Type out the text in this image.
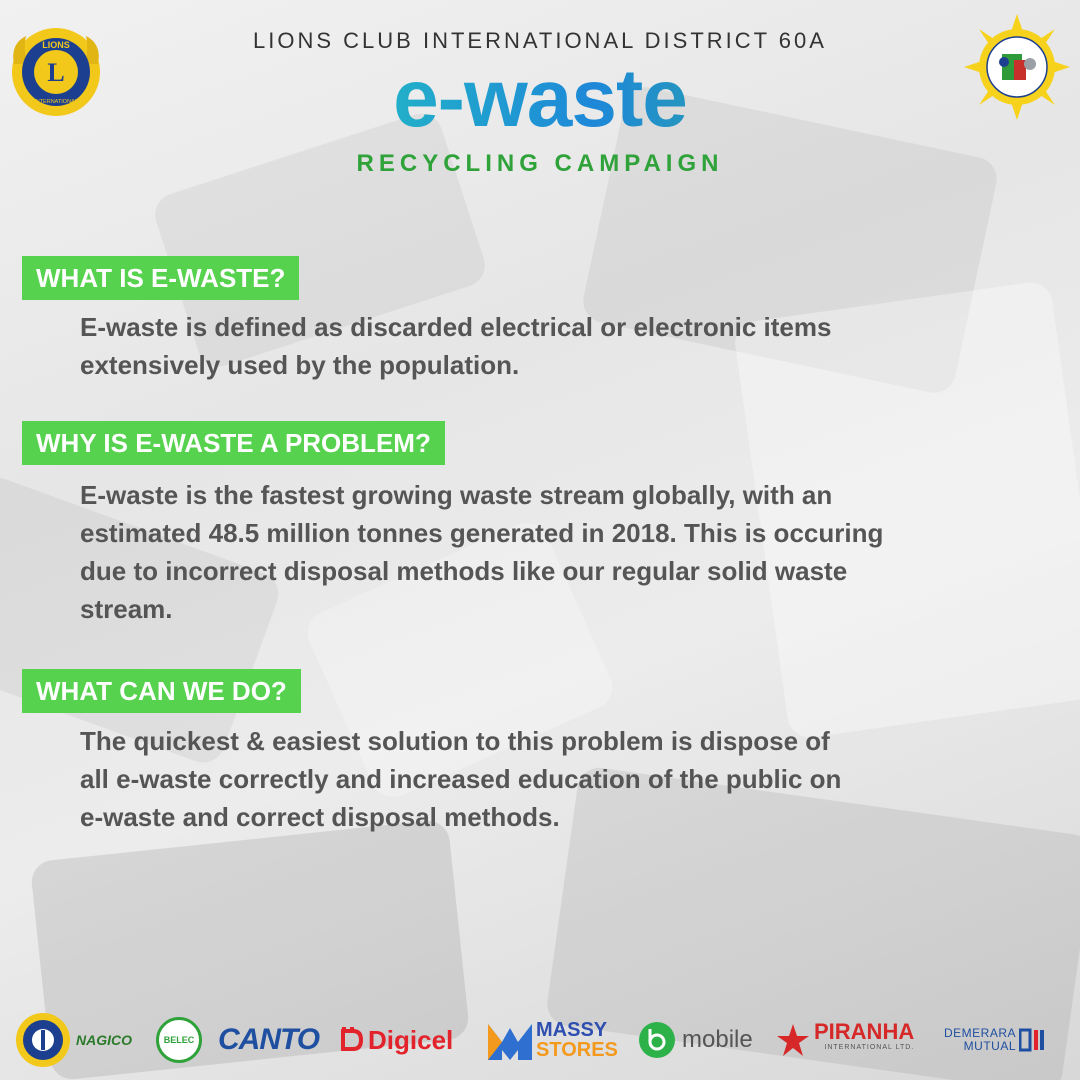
LIONS	LIONS CLUB INTERNATIONAL DISTRICT 60A
e-waste
RECYCLING CAMPAIGN
WHAT IS E-WASTE?
E-waste is defined as discarded electrical or electronic items
extensively used by the population.
WHY IS E-WASTE A PROBLEM?
E-waste is the fastest growing waste stream globally, with an
estimated 48.5 million tonnes generated in 2018. This is occuring
due to incorrect disposal methods like our regular solid waste
stream.
WHAT CAN WE DO?
The quickest & easiest solution to this problem is dispose of
all e-waste correctly and increased education of the public on
e-waste and correct disposal methods.
NAGICO	BELEC CANTO Digicel	MASSY
STORES	mobile	PIRANHA
INTERNATIONAL LTD.
DEMERARA
MUTUAL
